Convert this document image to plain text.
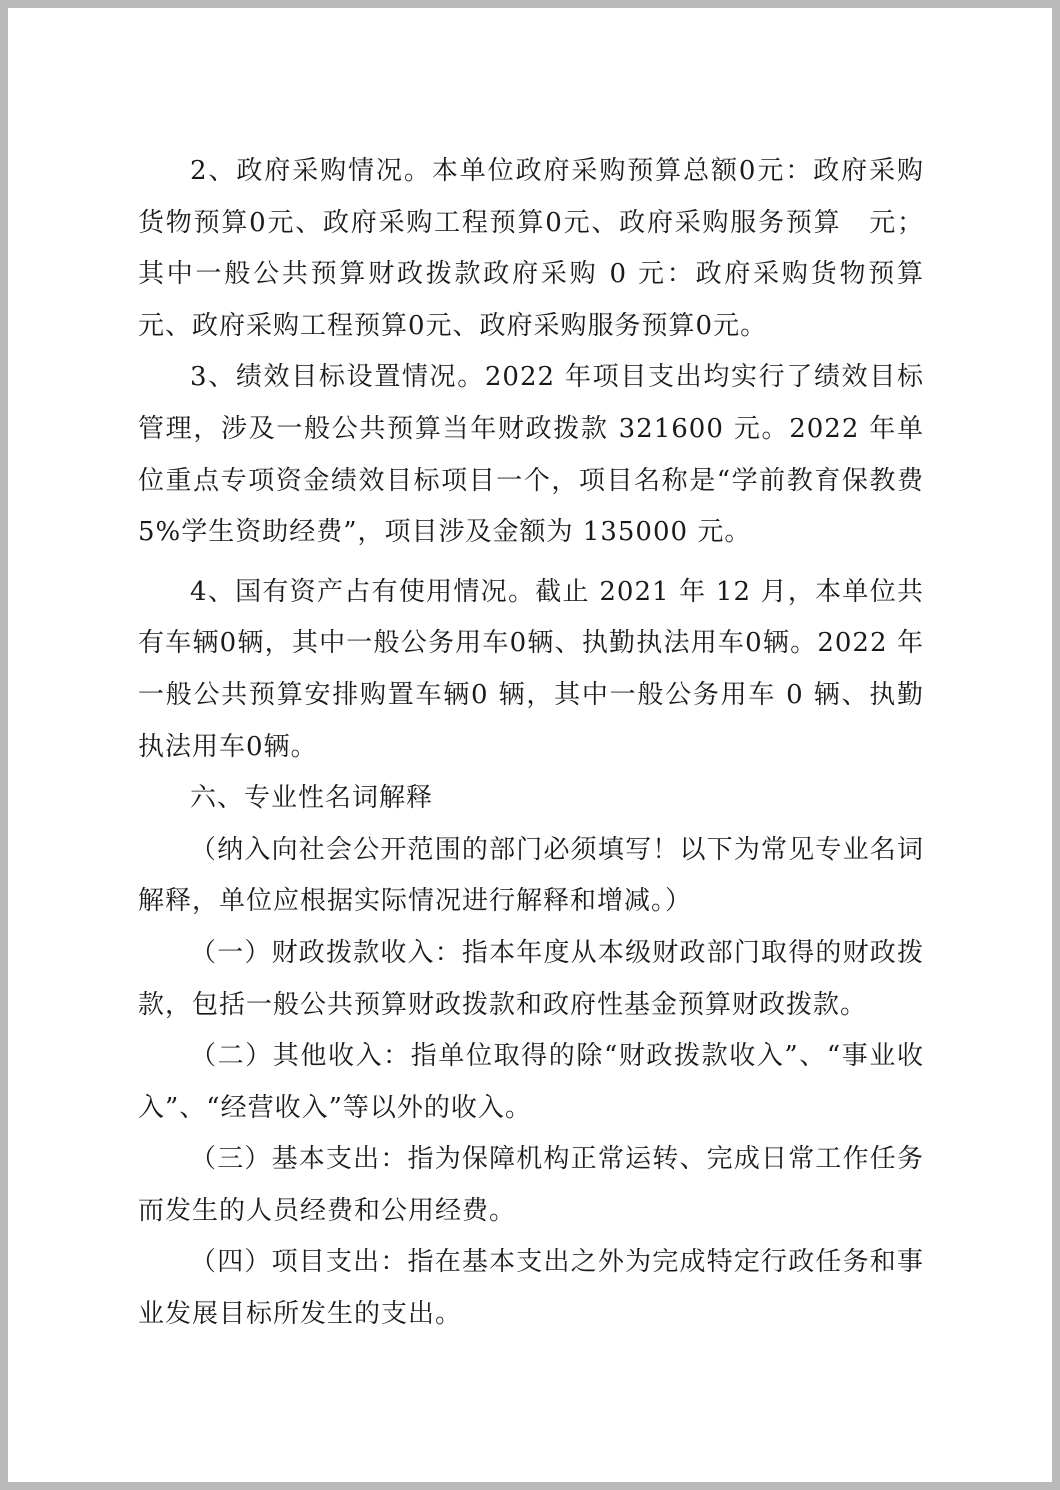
2、政府采购情况。本单位政府采购预算总额0元：政府采购货物预算0元、政府采购工程预算0元、政府采购服务预算　元；其中一般公共预算财政拨款政府采购 0 元：政府采购货物预算元、政府采购工程预算0元、政府采购服务预算0元。

3、绩效目标设置情况。2022 年项目支出均实行了绩效目标管理，涉及一般公共预算当年财政拨款 321600 元。2022 年单位重点专项资金绩效目标项目一个，项目名称是“学前教育保教费5%学生资助经费”，项目涉及金额为 135000 元。

4、国有资产占有使用情况。截止 2021 年 12 月，本单位共有车辆0辆，其中一般公务用车0辆、执勤执法用车0辆。2022 年一般公共预算安排购置车辆0 辆，其中一般公务用车 0 辆、执勤执法用车0辆。

六、专业性名词解释

（纳入向社会公开范围的部门必须填写！以下为常见专业名词解释，单位应根据实际情况进行解释和增减。）

（一）财政拨款收入：指本年度从本级财政部门取得的财政拨款，包括一般公共预算财政拨款和政府性基金预算财政拨款。

（二）其他收入：指单位取得的除“财政拨款收入”、“事业收入”、“经营收入”等以外的收入。

（三）基本支出：指为保障机构正常运转、完成日常工作任务而发生的人员经费和公用经费。

（四）项目支出：指在基本支出之外为完成特定行政任务和事业发展目标所发生的支出。
